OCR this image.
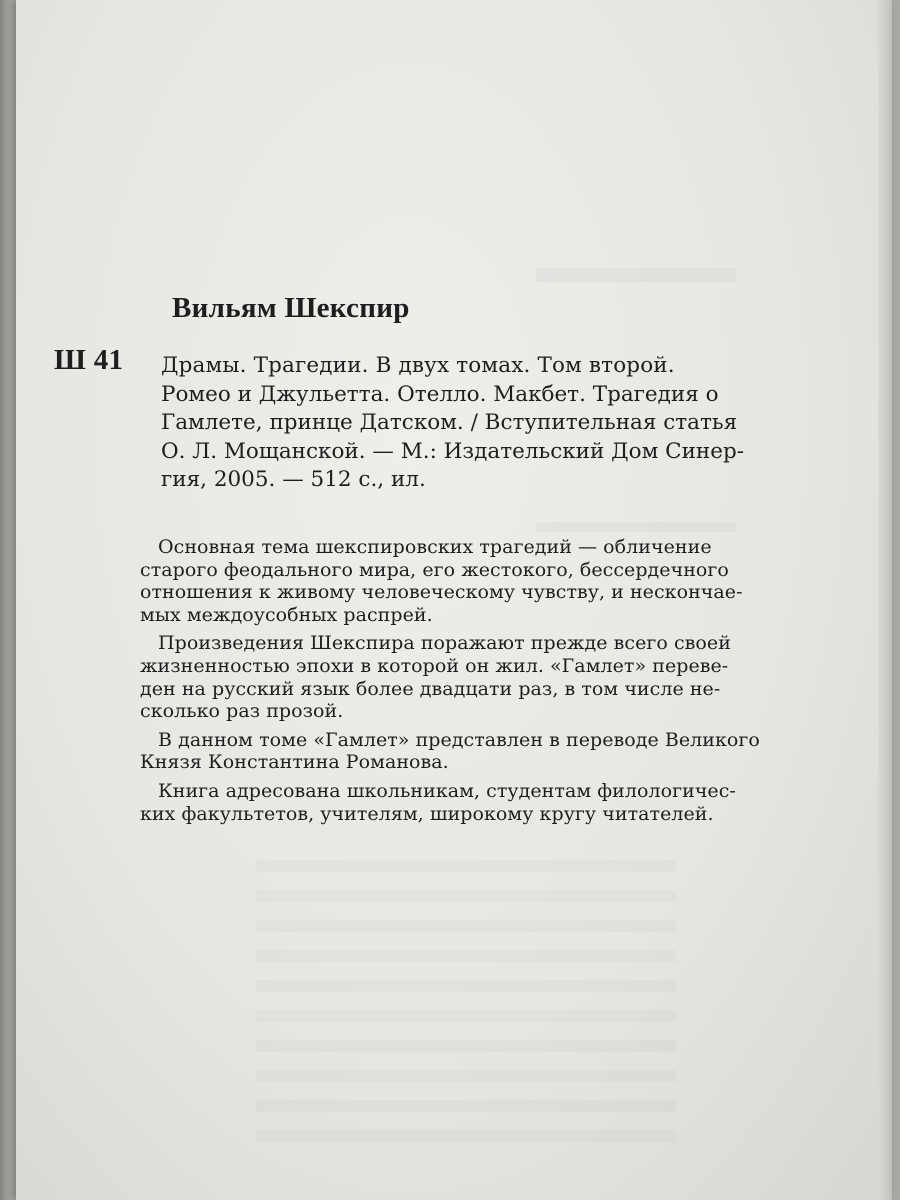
Вильям Шекспир
Ш 41 Драмы. Трагедии. В двух томах. Том второй.
Ромео и Джульетта. Отелло. Макбет. Трагедия о
Гамлете, принце Датском. / Вступительная статья
О. Л. Мощанской. — М.: Издательский Дом Синер-
гия, 2005. — 512 с., ил.
Основная тема шекспировских трагедий — обличение
старого феодального мира, его жестокого, бессердечного
отношения к живому человеческому чувству, и нескончае-
мых междоусобных распрей.
Произведения Шекспира поражают прежде всего своей
жизненностью эпохи в которой он жил. «Гамлет» переве-
ден на русский язык более двадцати раз, в том числе не-
сколько раз прозой.
В данном томе «Гамлет» представлен в переводе Великого
Князя Константина Романова.
Книга адресована школьникам, студентам филологичес-
ких факультетов, учителям, широкому кругу читателей.
